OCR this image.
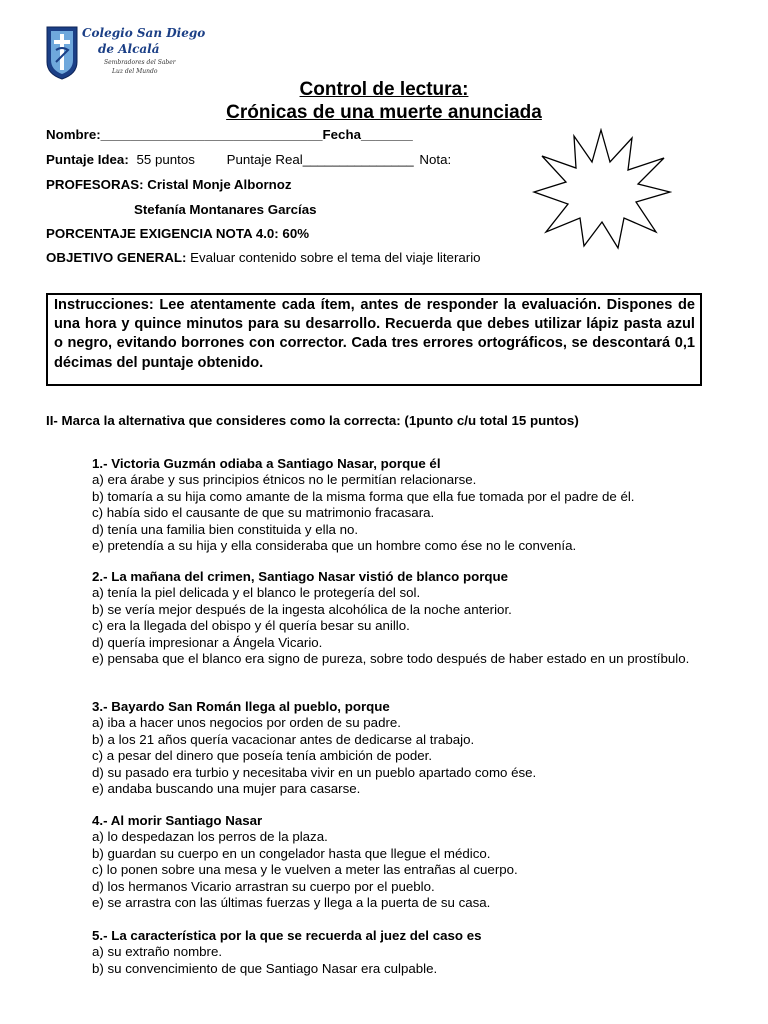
Colegio San Diego
de Alcalá
Sembradores del Saber
Luz del Mundo
Control de lectura:
Crónicas de una muerte anunciada
Nombre:______________________________Fecha_______
Puntaje Idea: 55 puntos Puntaje Real_______________ Nota:
PROFESORAS: Cristal Monje Albornoz
Stefanía Montanares Garcías
PORCENTAJE EXIGENCIA NOTA 4.0: 60%
OBJETIVO GENERAL: Evaluar contenido sobre el tema del viaje literario
Instrucciones: Lee atentamente cada ítem, antes de responder la evaluación. Dispones de una hora y quince minutos para su desarrollo. Recuerda que debes utilizar lápiz pasta azul o negro, evitando borrones con corrector. Cada tres errores ortográficos, se descontará 0,1 décimas del puntaje obtenido.
II- Marca la alternativa que consideres como la correcta: (1punto c/u total 15 puntos)
1.- Victoria Guzmán odiaba a Santiago Nasar, porque él
a) era árabe y sus principios étnicos no le permitían relacionarse.
b) tomaría a su hija como amante de la misma forma que ella fue tomada por el padre de él.
c) había sido el causante de que su matrimonio fracasara.
d) tenía una familia bien constituida y ella no.
e) pretendía a su hija y ella consideraba que un hombre como ése no le convenía.
2.- La mañana del crimen, Santiago Nasar vistió de blanco porque
a) tenía la piel delicada y el blanco le protegería del sol.
b) se vería mejor después de la ingesta alcohólica de la noche anterior.
c) era la llegada del obispo y él quería besar su anillo.
d) quería impresionar a Ángela Vicario.
e) pensaba que el blanco era signo de pureza, sobre todo después de haber estado en un prostíbulo.
3.- Bayardo San Román llega al pueblo, porque
a) iba a hacer unos negocios por orden de su padre.
b) a los 21 años quería vacacionar antes de dedicarse al trabajo.
c) a pesar del dinero que poseía tenía ambición de poder.
d) su pasado era turbio y necesitaba vivir en un pueblo apartado como ése.
e) andaba buscando una mujer para casarse.
4.- Al morir Santiago Nasar
a) lo despedazan los perros de la plaza.
b) guardan su cuerpo en un congelador hasta que llegue el médico.
c) lo ponen sobre una mesa y le vuelven a meter las entrañas al cuerpo.
d) los hermanos Vicario arrastran su cuerpo por el pueblo.
e) se arrastra con las últimas fuerzas y llega a la puerta de su casa.
5.- La característica por la que se recuerda al juez del caso es
a) su extraño nombre.
b) su convencimiento de que Santiago Nasar era culpable.
